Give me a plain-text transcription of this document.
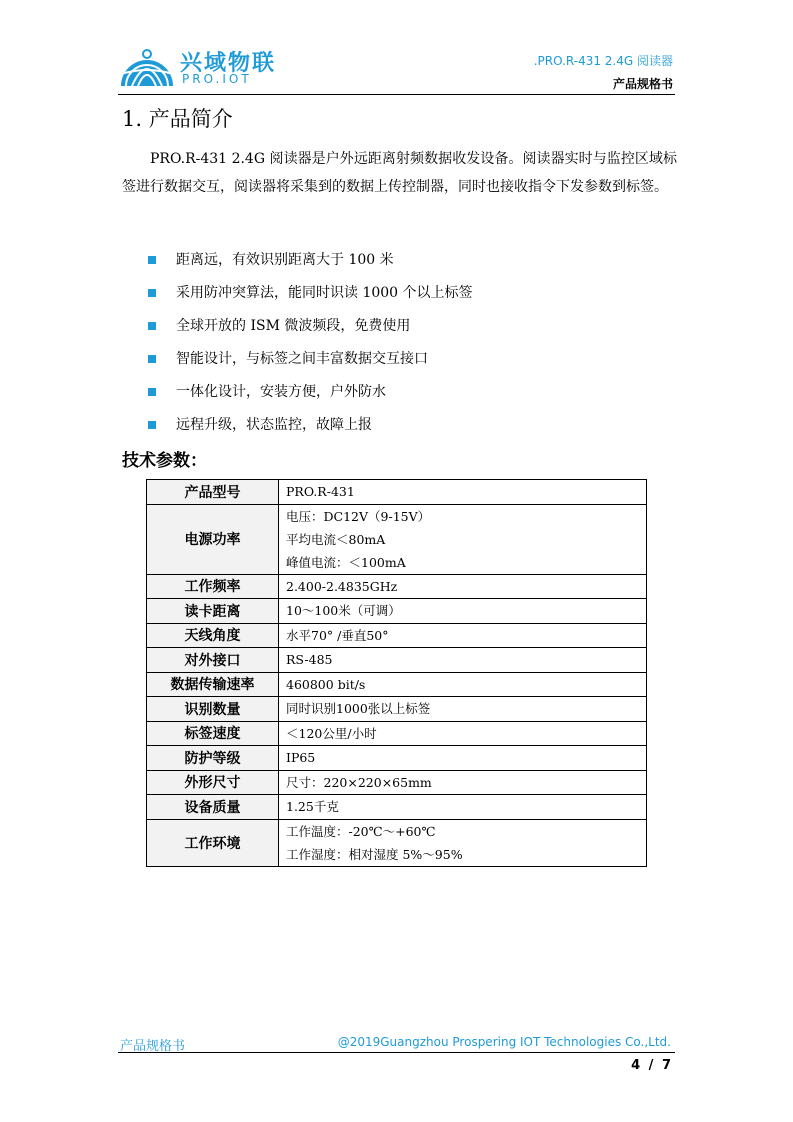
兴域物联
PRO.IOT
.PRO.R-431 2.4G 阅读器
产品规格书
1. 产品简介
PRO.R-431 2.4G 阅读器是户外远距离射频数据收发设备。阅读器实时与监控区域标签进行数据交互，阅读器将采集到的数据上传控制器，同时也接收指令下发参数到标签。
距离远，有效识别距离大于 100 米
采用防冲突算法，能同时识读 1000 个以上标签
全球开放的 ISM 微波频段，免费使用
智能设计，与标签之间丰富数据交互接口
一体化设计，安装方便，户外防水
远程升级，状态监控，故障上报
技术参数：
产品型号	PRO.R-431

电源功率	电压：DC12V（9-15V）
平均电流＜80mA
峰值电流：＜100mA

工作频率	2.400-2.4835GHz

读卡距离	10～100米（可调）

天线角度	水平70° /垂直50°

对外接口	RS-485

数据传输速率	460800 bit/s

识别数量	同时识别1000张以上标签

标签速度	＜120公里/小时

防护等级	IP65

外形尺寸	尺寸：220×220×65mm

设备质量	1.25千克

工作环境	工作温度：-20℃～+60℃
工作湿度：相对湿度 5%～95%
产品规格书	@2019Guangzhou Prospering IOT Technologies Co.,Ltd.
4 / 7
